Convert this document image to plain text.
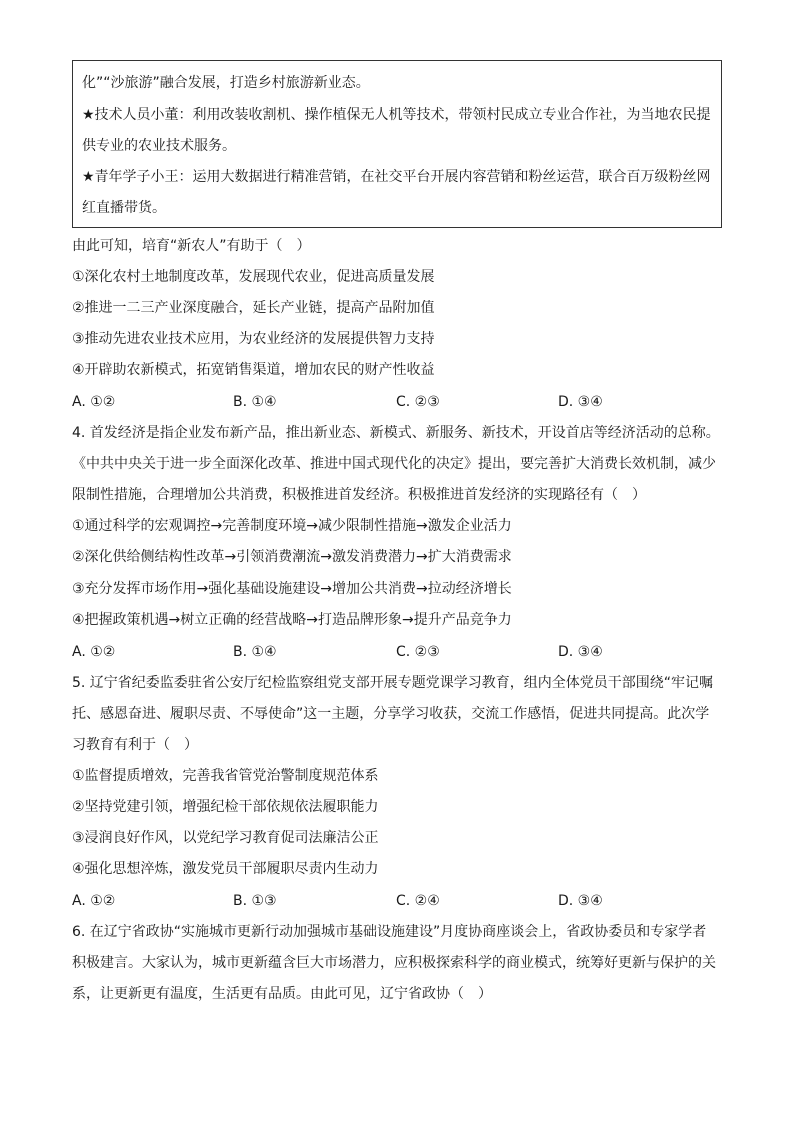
化”“沙旅游”融合发展，打造乡村旅游新业态。
★技术人员小董：利用改装收割机、操作植保无人机等技术，带领村民成立专业合作社，为当地农民提
供专业的农业技术服务。
★青年学子小王：运用大数据进行精准营销，在社交平台开展内容营销和粉丝运营，联合百万级粉丝网
红直播带货。
由此可知，培育“新农人”有助于（　）
①深化农村土地制度改革，发展现代农业，促进高质量发展
②推进一二三产业深度融合，延长产业链，提高产品附加值
③推动先进农业技术应用，为农业经济的发展提供智力支持
④开辟助农新模式，拓宽销售渠道，增加农民的财产性收益
A. ①②	B. ①④	C. ②③	D. ③④
4. 首发经济是指企业发布新产品，推出新业态、新模式、新服务、新技术，开设首店等经济活动的总称。
《中共中央关于进一步全面深化改革、推进中国式现代化的决定》提出，要完善扩大消费长效机制，减少
限制性措施，合理增加公共消费，积极推进首发经济。积极推进首发经济的实现路径有（　）
①通过科学的宏观调控→完善制度环境→减少限制性措施→激发企业活力
②深化供给侧结构性改革→引领消费潮流→激发消费潜力→扩大消费需求
③充分发挥市场作用→强化基础设施建设→增加公共消费→拉动经济增长
④把握政策机遇→树立正确的经营战略→打造品牌形象→提升产品竞争力
A. ①②	B. ①④	C. ②③	D. ③④
5. 辽宁省纪委监委驻省公安厅纪检监察组党支部开展专题党课学习教育，组内全体党员干部围绕“牢记嘱
托、感恩奋进、履职尽责、不辱使命”这一主题，分享学习收获，交流工作感悟，促进共同提高。此次学
习教育有利于（　）
①监督提质增效，完善我省管党治警制度规范体系
②坚持党建引领，增强纪检干部依规依法履职能力
③浸润良好作风，以党纪学习教育促司法廉洁公正
④强化思想淬炼，激发党员干部履职尽责内生动力
A. ①②	B. ①③	C. ②④	D. ③④
6. 在辽宁省政协“实施城市更新行动加强城市基础设施建设”月度协商座谈会上，省政协委员和专家学者
积极建言。大家认为，城市更新蕴含巨大市场潜力，应积极探索科学的商业模式，统筹好更新与保护的关
系，让更新更有温度，生活更有品质。由此可见，辽宁省政协（　）
